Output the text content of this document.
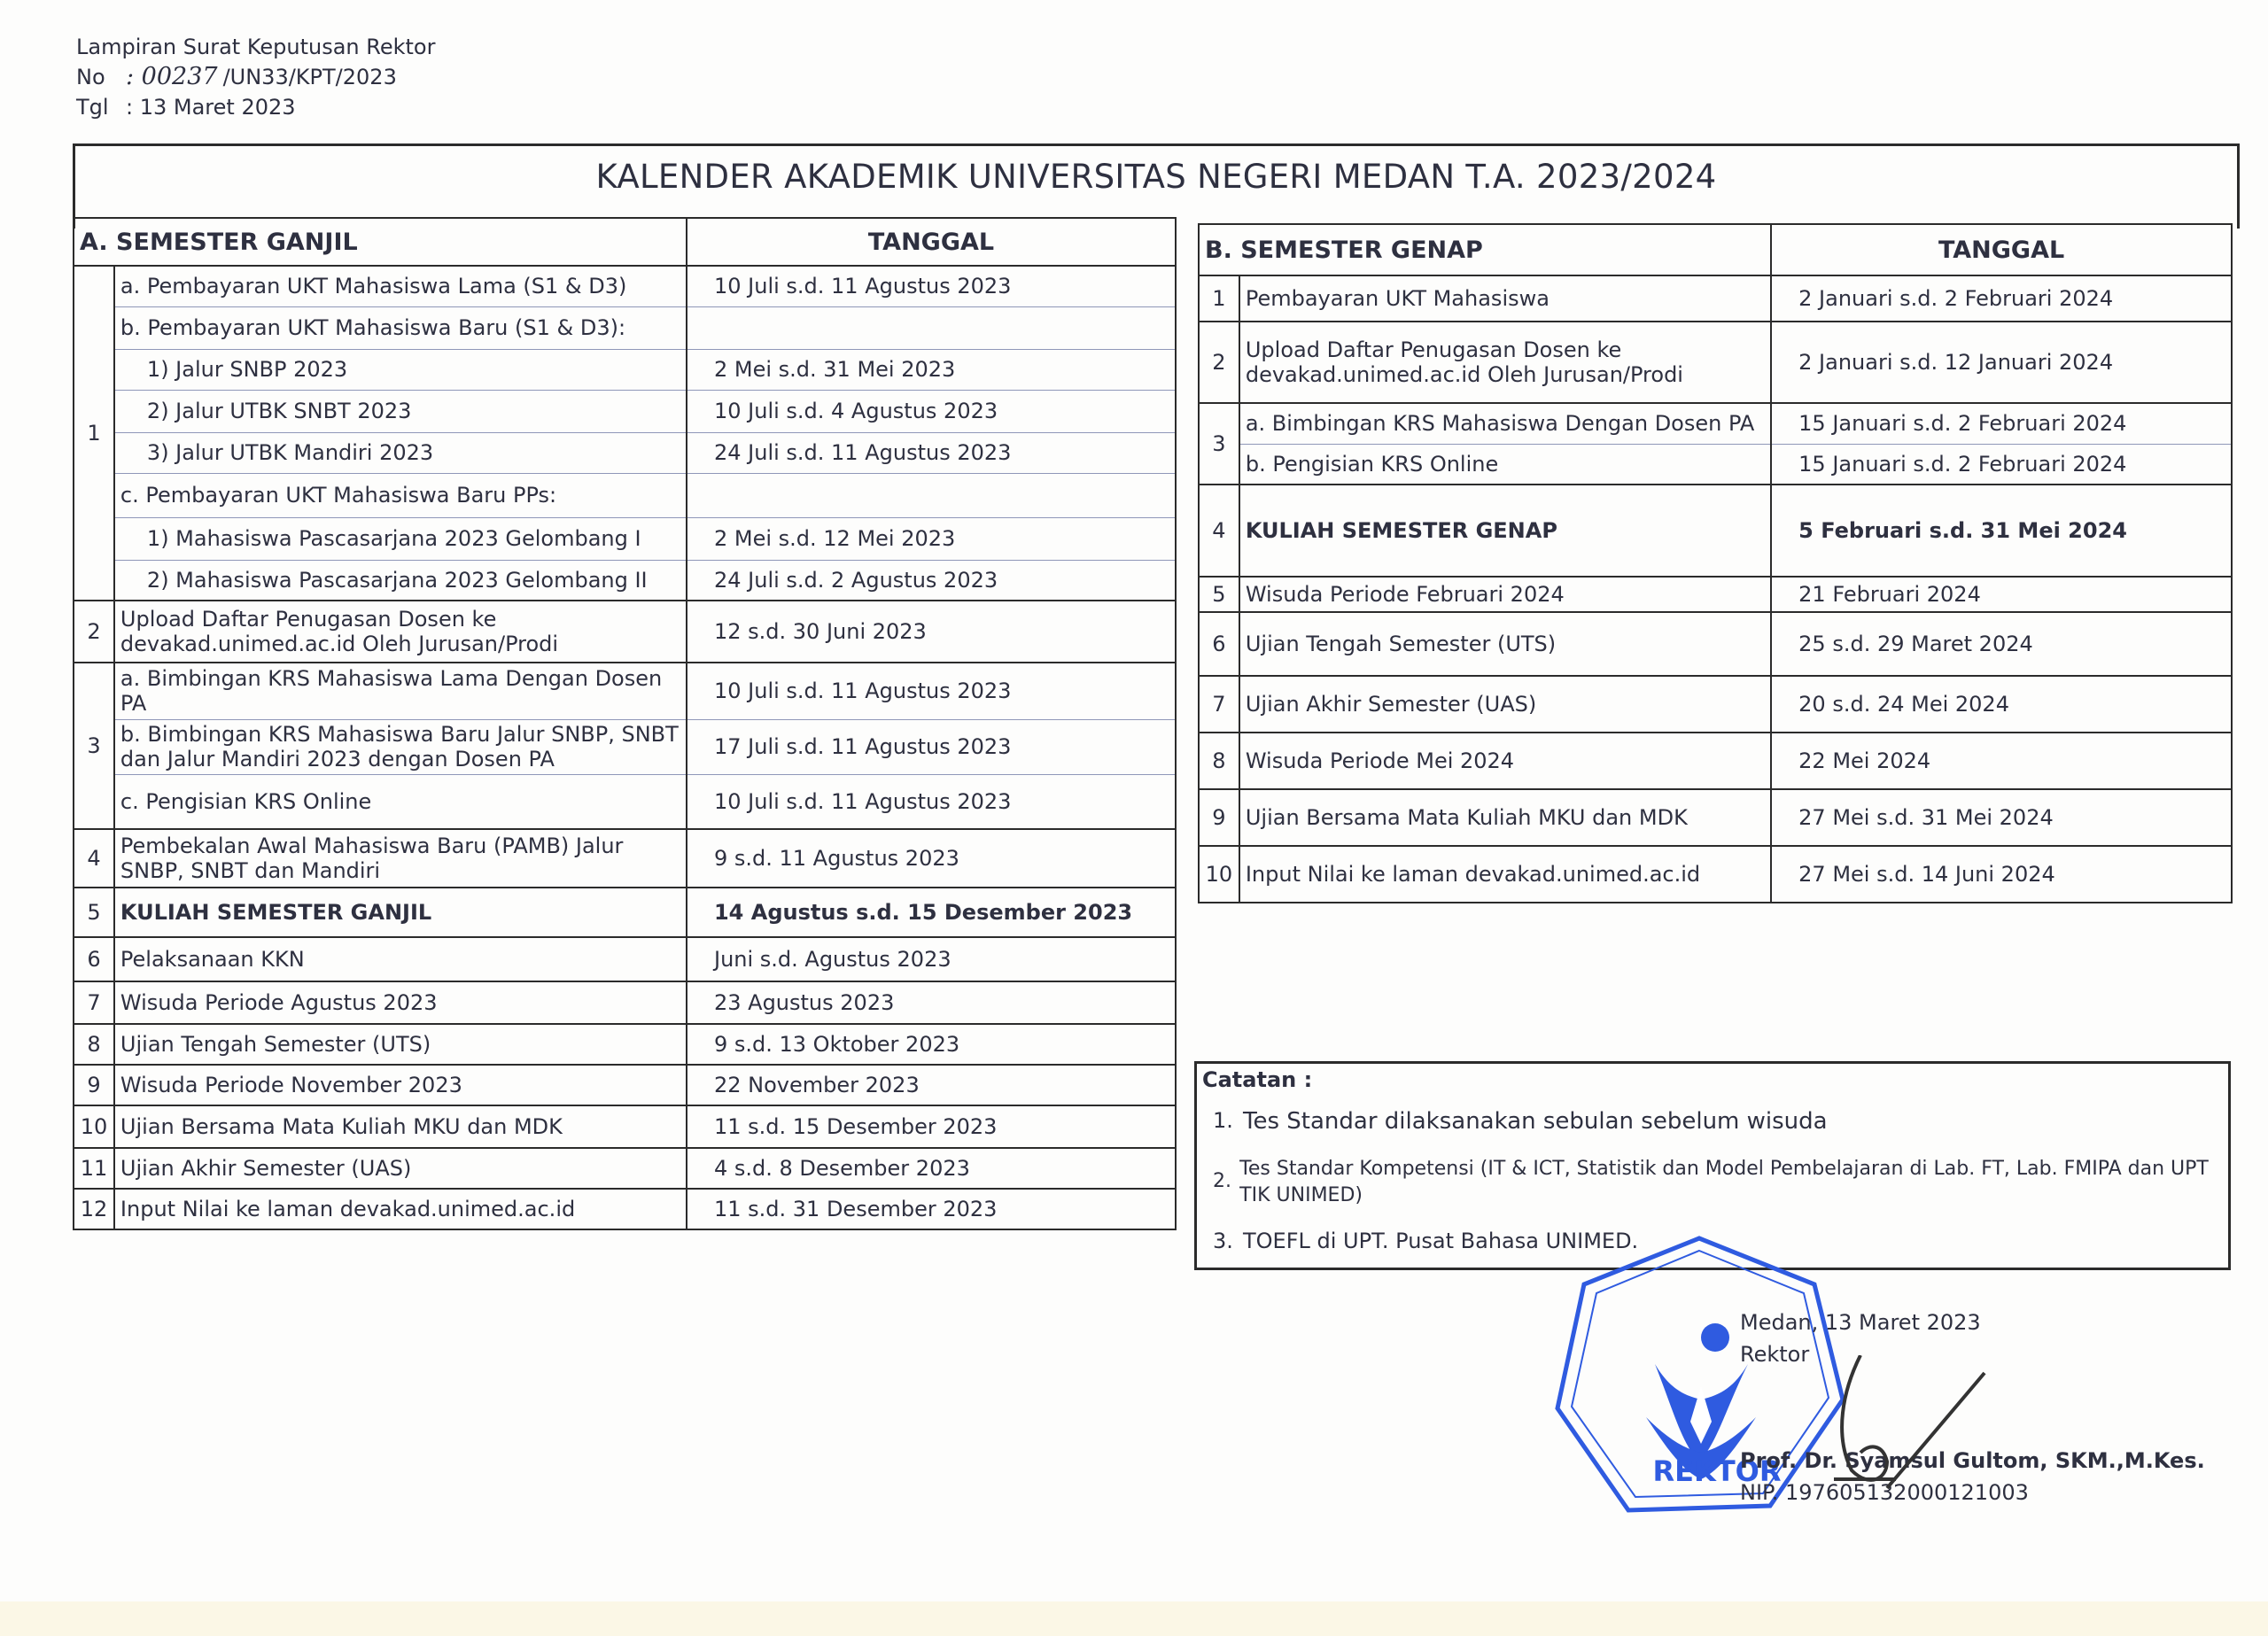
Lampiran Surat Keputusan Rektor
No : 00237 /UN33/KPT/2023
Tgl : 13 Maret 2023
KALENDER AKADEMIK UNIVERSITAS NEGERI MEDAN T.A. 2023/2024
A. SEMESTER GANJIL		TANGGAL
1	a. Pembayaran UKT Mahasiswa Lama (S1 & D3)	10 Juli s.d. 11 Agustus 2023
	b. Pembayaran UKT Mahasiswa Baru (S1 & D3):	
	1) Jalur SNBP 2023	2 Mei s.d. 31 Mei 2023
	2) Jalur UTBK SNBT 2023	10 Juli s.d. 4 Agustus 2023
	3) Jalur UTBK Mandiri 2023	24 Juli s.d. 11 Agustus 2023
	c. Pembayaran UKT Mahasiswa Baru PPs:	
	1) Mahasiswa Pascasarjana 2023 Gelombang I	2 Mei s.d. 12 Mei 2023
	2) Mahasiswa Pascasarjana 2023 Gelombang II	24 Juli s.d. 2 Agustus 2023
2	Upload Daftar Penugasan Dosen ke devakad.unimed.ac.id Oleh Jurusan/Prodi	12 s.d. 30 Juni 2023
3	a. Bimbingan KRS Mahasiswa Lama Dengan Dosen PA	10 Juli s.d. 11 Agustus 2023
	b. Bimbingan KRS Mahasiswa Baru Jalur SNBP, SNBT dan Jalur Mandiri 2023 dengan Dosen PA	17 Juli s.d. 11 Agustus 2023
	c. Pengisian KRS Online	10 Juli s.d. 11 Agustus 2023
4	Pembekalan Awal Mahasiswa Baru (PAMB) Jalur SNBP, SNBT dan Mandiri	9 s.d. 11 Agustus 2023
5	KULIAH SEMESTER GANJIL	14 Agustus s.d. 15 Desember 2023
6	Pelaksanaan KKN	Juni s.d. Agustus 2023
7	Wisuda Periode Agustus 2023	23 Agustus 2023
8	Ujian Tengah Semester (UTS)	9 s.d. 13 Oktober 2023
9	Wisuda Periode November 2023	22 November 2023
10	Ujian Bersama Mata Kuliah MKU dan MDK	11 s.d. 15 Desember 2023
11	Ujian Akhir Semester (UAS)	4 s.d. 8 Desember 2023
12	Input Nilai ke laman devakad.unimed.ac.id	11 s.d. 31 Desember 2023
B. SEMESTER GENAP		TANGGAL
1	Pembayaran UKT Mahasiswa	2 Januari s.d. 2 Februari 2024
2	Upload Daftar Penugasan Dosen ke devakad.unimed.ac.id Oleh Jurusan/Prodi	2 Januari s.d. 12 Januari 2024
3	a. Bimbingan KRS Mahasiswa Dengan Dosen PA	15 Januari s.d. 2 Februari 2024
	b. Pengisian KRS Online	15 Januari s.d. 2 Februari 2024
4	KULIAH SEMESTER GENAP	5 Februari s.d. 31 Mei 2024
5	Wisuda Periode Februari 2024	21 Februari 2024
6	Ujian Tengah Semester (UTS)	25 s.d. 29 Maret 2024
7	Ujian Akhir Semester (UAS)	20 s.d. 24 Mei 2024
8	Wisuda Periode Mei 2024	22 Mei 2024
9	Ujian Bersama Mata Kuliah MKU dan MDK	27 Mei s.d. 31 Mei 2024
10	Input Nilai ke laman devakad.unimed.ac.id	27 Mei s.d. 14 Juni 2024
Catatan :
1. Tes Standar dilaksanakan sebulan sebelum wisuda
2.
Tes Standar Kompetensi (IT & ICT, Statistik dan Model Pembelajaran di Lab. FT, Lab. FMIPA dan UPT TIK UNIMED)
3. TOEFL di UPT. Pusat Bahasa UNIMED.
REKTOR
Medan, 13 Maret 2023
Rektor
Prof. Dr. Syamsul Gultom, SKM.,M.Kes.
NIP. 197605132000121003
